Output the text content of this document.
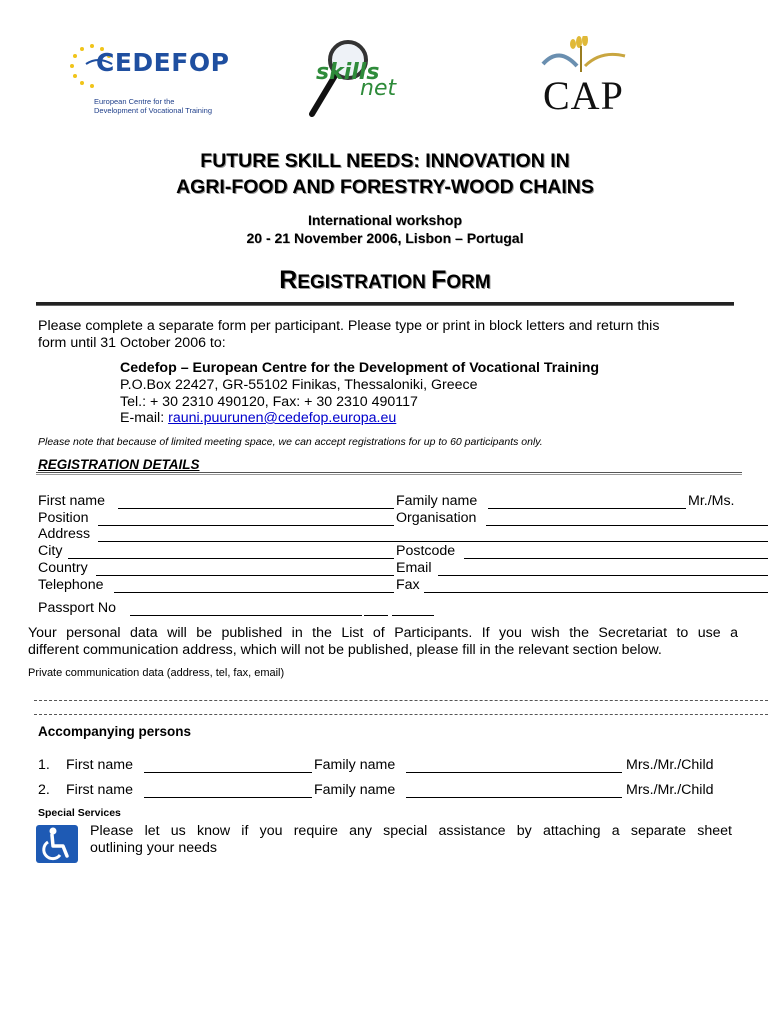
CEDEFOP
European Centre for the
Development of Vocational Training
skills
net	CAP
FUTURE SKILL NEEDS: INNOVATION IN
AGRI-FOOD AND FORESTRY-WOOD CHAINS
International workshop
20 - 21 November 2006, Lisbon – Portugal
REGISTRATION FORM
Please complete a separate form per participant. Please type or print in block letters and return this
form until 31 October 2006 to:
Cedefop – European Centre for the Development of Vocational Training
P.O.Box 22427, GR-55102 Finikas, Thessaloniki, Greece
Tel.: + 30 2310 490120, Fax: + 30 2310 490117
E-mail: rauni.puurunen@cedefop.europa.eu
Please note that because of limited meeting space, we can accept registrations for up to 60 participants only.
REGISTRATION DETAILS
First name	Family name	Mr./Ms.
Position	Organisation
Address
City	Postcode
Country	Email
Telephone	Fax
Passport No
Your personal data will be published in the List of Participants. If you wish the Secretariat to use a
different communication address, which will not be published, please fill in the relevant section below.
Private communication data (address, tel, fax, email)
Accompanying persons
1. First name	Family name	Mrs./Mr./Child
2. First name	Family name	Mrs./Mr./Child
Special Services
Please let us know if you require any special assistance by attaching a separate sheet
outlining your needs
